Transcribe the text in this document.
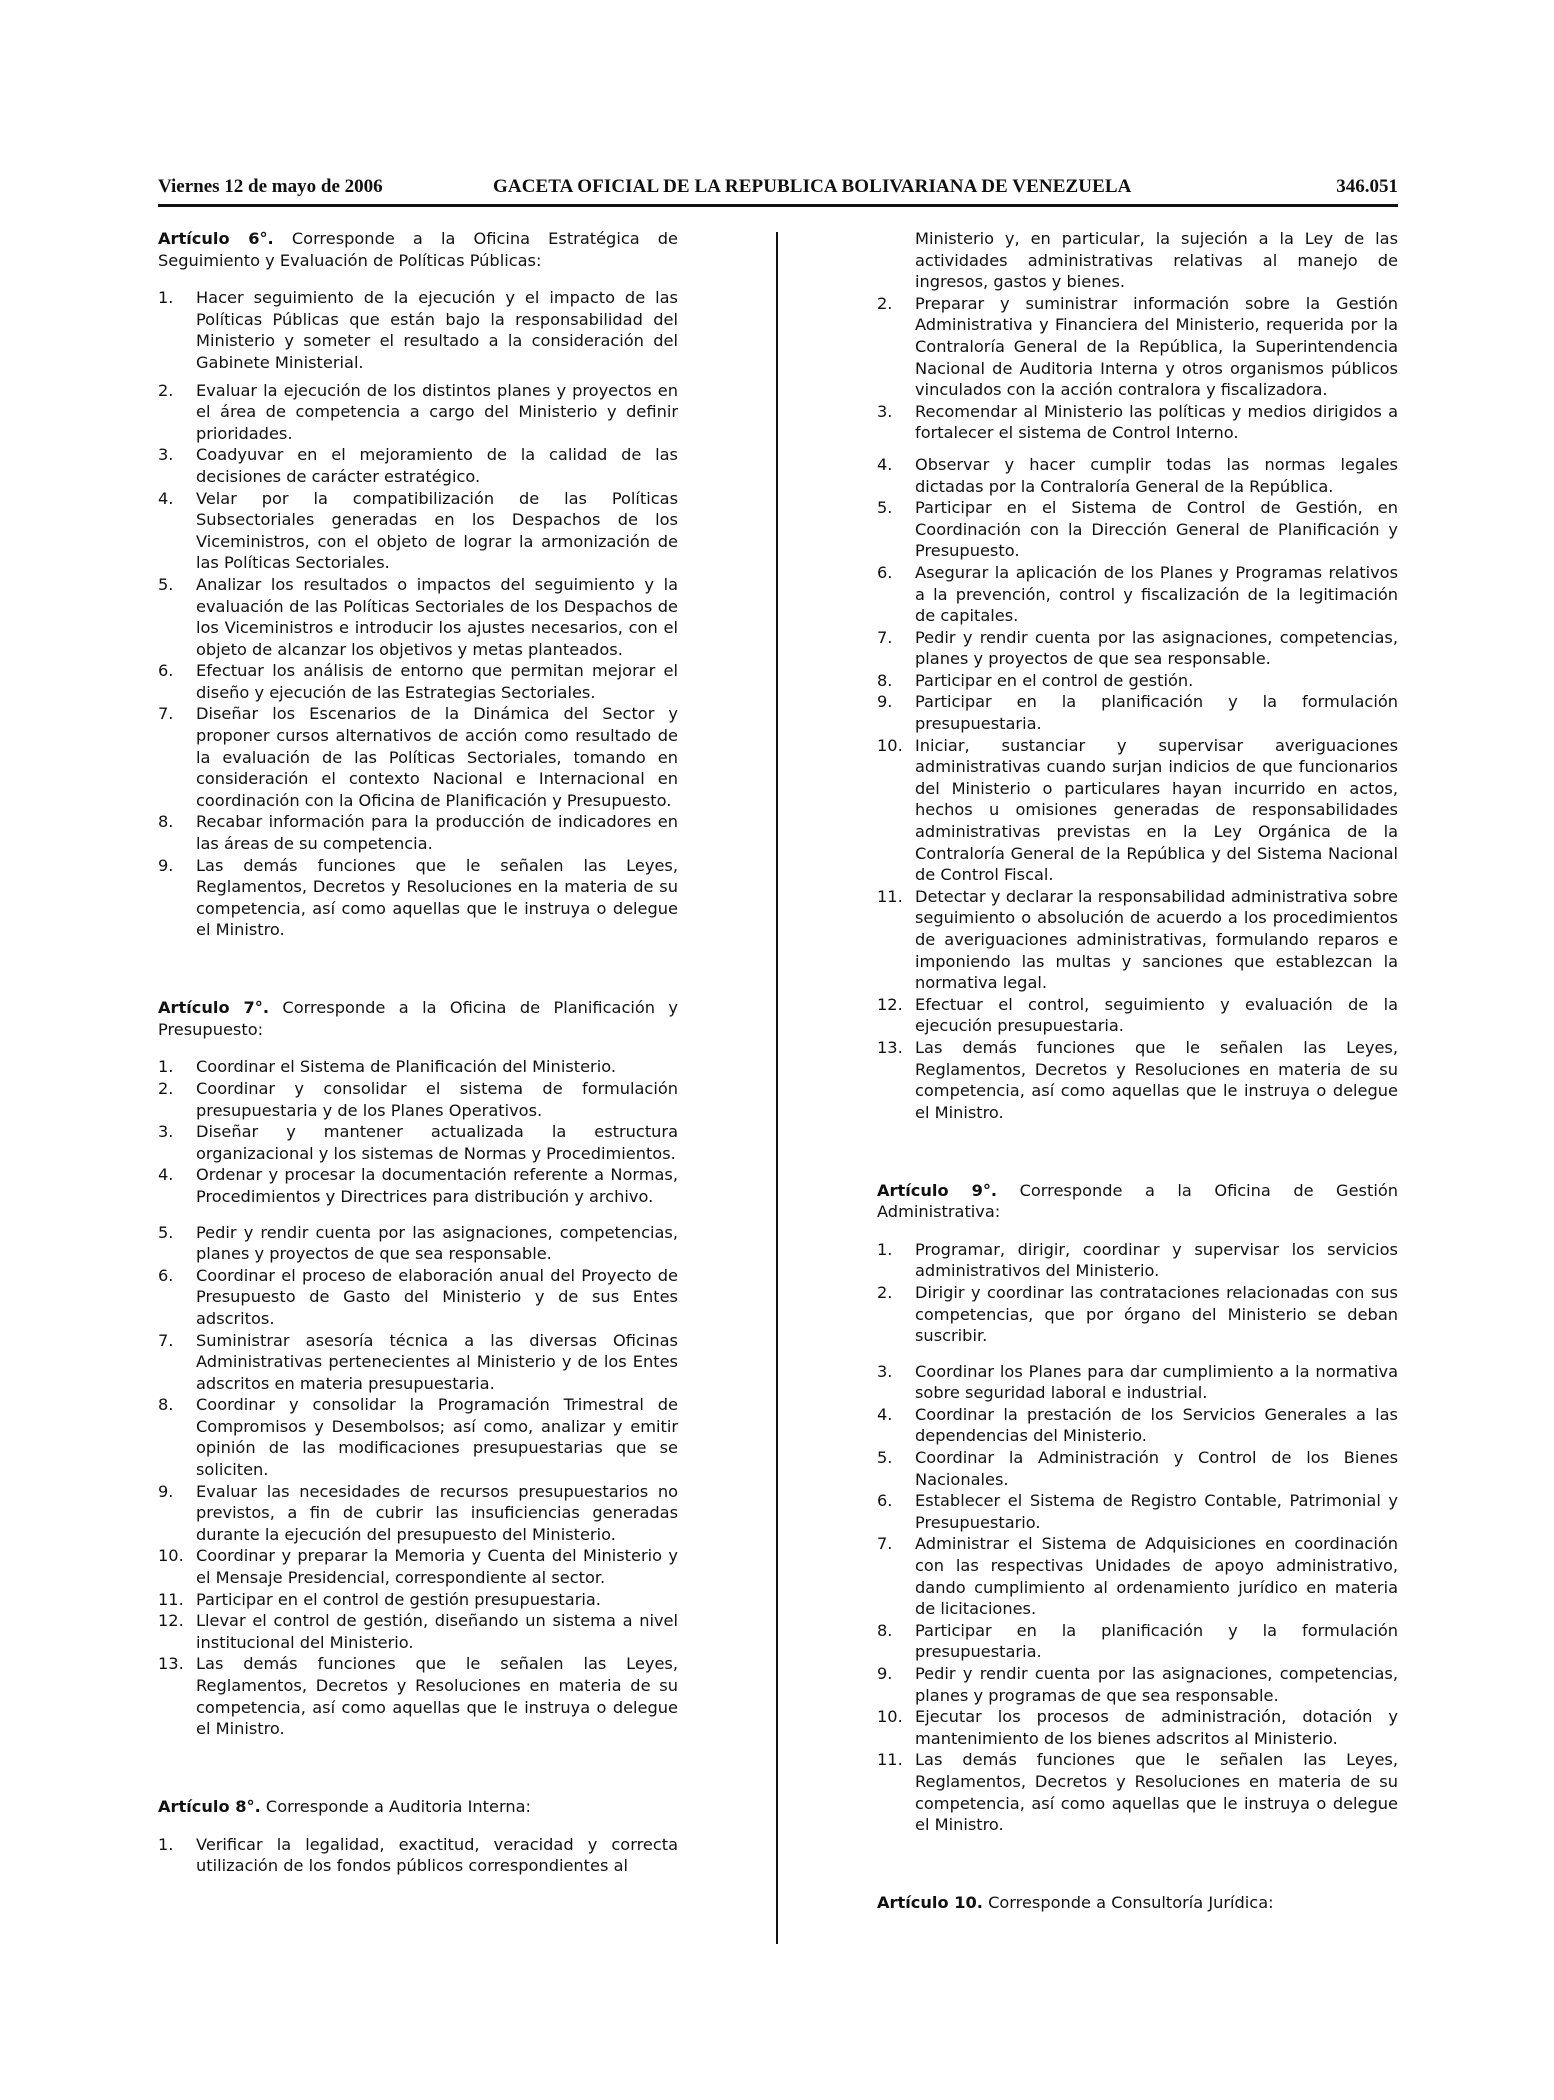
Viernes 12 de mayo de 2006	GACETA OFICIAL DE LA REPUBLICA BOLIVARIANA DE VENEZUELA	346.051

Artículo 6°. Corresponde a la Oficina Estratégica de Seguimiento y Evaluación de Políticas Públicas:

1.	Hacer seguimiento de la ejecución y el impacto de las Políticas Públicas que están bajo la responsabilidad del Ministerio y someter el resultado a la consideración del Gabinete Ministerial.
2.	Evaluar la ejecución de los distintos planes y proyectos en el área de competencia a cargo del Ministerio y definir prioridades.
3.	Coadyuvar en el mejoramiento de la calidad de las decisiones de carácter estratégico.
4.	Velar por la compatibilización de las Políticas Subsectoriales generadas en los Despachos de los Viceministros, con el objeto de lograr la armonización de las Políticas Sectoriales.
5.	Analizar los resultados o impactos del seguimiento y la evaluación de las Políticas Sectoriales de los Despachos de los Viceministros e introducir los ajustes necesarios, con el objeto de alcanzar los objetivos y metas planteados.
6.	Efectuar los análisis de entorno que permitan mejorar el diseño y ejecución de las Estrategias Sectoriales.
7.	Diseñar los Escenarios de la Dinámica del Sector y proponer cursos alternativos de acción como resultado de la evaluación de las Políticas Sectoriales, tomando en consideración el contexto Nacional e Internacional en coordinación con la Oficina de Planificación y Presupuesto.
8.	Recabar información para la producción de indicadores en las áreas de su competencia.
9.	Las demás funciones que le señalen las Leyes, Reglamentos, Decretos y Resoluciones en la materia de su competencia, así como aquellas que le instruya o delegue el Ministro.

Artículo 7°. Corresponde a la Oficina de Planificación y Presupuesto:

1.	Coordinar el Sistema de Planificación del Ministerio.
2.	Coordinar y consolidar el sistema de formulación presupuestaria y de los Planes Operativos.
3.	Diseñar y mantener actualizada la estructura organizacional y los sistemas de Normas y Procedimientos.
4.	Ordenar y procesar la documentación referente a Normas, Procedimientos y Directrices para distribución y archivo.
5.	Pedir y rendir cuenta por las asignaciones, competencias, planes y proyectos de que sea responsable.
6.	Coordinar el proceso de elaboración anual del Proyecto de Presupuesto de Gasto del Ministerio y de sus Entes adscritos.
7.	Suministrar asesoría técnica a las diversas Oficinas Administrativas pertenecientes al Ministerio y de los Entes adscritos en materia presupuestaria.
8.	Coordinar y consolidar la Programación Trimestral de Compromisos y Desembolsos; así como, analizar y emitir opinión de las modificaciones presupuestarias que se soliciten.
9.	Evaluar las necesidades de recursos presupuestarios no previstos, a fin de cubrir las insuficiencias generadas durante la ejecución del presupuesto del Ministerio.
10. Coordinar y preparar la Memoria y Cuenta del Ministerio y el Mensaje Presidencial, correspondiente al sector.
11. Participar en el control de gestión presupuestaria.
12. Llevar el control de gestión, diseñando un sistema a nivel institucional del Ministerio.
13. Las demás funciones que le señalen las Leyes, Reglamentos, Decretos y Resoluciones en materia de su competencia, así como aquellas que le instruya o delegue el Ministro.

Artículo 8°. Corresponde a Auditoria Interna:

1.	Verificar la legalidad, exactitud, veracidad y correcta utilización de los fondos públicos correspondientes al
Ministerio y, en particular, la sujeción a la Ley de las actividades administrativas relativas al manejo de ingresos, gastos y bienes.
2.	Preparar y suministrar información sobre la Gestión Administrativa y Financiera del Ministerio, requerida por la Contraloría General de la República, la Superintendencia Nacional de Auditoria Interna y otros organismos públicos vinculados con la acción contralora y fiscalizadora.
3.	Recomendar al Ministerio las políticas y medios dirigidos a fortalecer el sistema de Control Interno.
4.	Observar y hacer cumplir todas las normas legales dictadas por la Contraloría General de la República.
5.	Participar en el Sistema de Control de Gestión, en Coordinación con la Dirección General de Planificación y Presupuesto.
6.	Asegurar la aplicación de los Planes y Programas relativos a la prevención, control y fiscalización de la legitimación de capitales.
7.	Pedir y rendir cuenta por las asignaciones, competencias, planes y proyectos de que sea responsable.
8.	Participar en el control de gestión.
9.	Participar en la planificación y la formulación presupuestaria.
10. Iniciar, sustanciar y supervisar averiguaciones administrativas cuando surjan indicios de que funcionarios del Ministerio o particulares hayan incurrido en actos, hechos u omisiones generadas de responsabilidades administrativas previstas en la Ley Orgánica de la Contraloría General de la República y del Sistema Nacional de Control Fiscal.
11. Detectar y declarar la responsabilidad administrativa sobre seguimiento o absolución de acuerdo a los procedimientos de averiguaciones administrativas, formulando reparos e imponiendo las multas y sanciones que establezcan la normativa legal.
12. Efectuar el control, seguimiento y evaluación de la ejecución presupuestaria.
13. Las demás funciones que le señalen las Leyes, Reglamentos, Decretos y Resoluciones en materia de su competencia, así como aquellas que le instruya o delegue el Ministro.

Artículo 9°. Corresponde a la Oficina de Gestión Administrativa:

1.	Programar, dirigir, coordinar y supervisar los servicios administrativos del Ministerio.
2.	Dirigir y coordinar las contrataciones relacionadas con sus competencias, que por órgano del Ministerio se deban suscribir.
3.	Coordinar los Planes para dar cumplimiento a la normativa sobre seguridad laboral e industrial.
4.	Coordinar la prestación de los Servicios Generales a las dependencias del Ministerio.
5.	Coordinar la Administración y Control de los Bienes Nacionales.
6.	Establecer el Sistema de Registro Contable, Patrimonial y Presupuestario.
7.	Administrar el Sistema de Adquisiciones en coordinación con las respectivas Unidades de apoyo administrativo, dando cumplimiento al ordenamiento jurídico en materia de licitaciones.
8.	Participar en la planificación y la formulación presupuestaria.
9.	Pedir y rendir cuenta por las asignaciones, competencias, planes y programas de que sea responsable.
10. Ejecutar los procesos de administración, dotación y mantenimiento de los bienes adscritos al Ministerio.
11. Las demás funciones que le señalen las Leyes, Reglamentos, Decretos y Resoluciones en materia de su competencia, así como aquellas que le instruya o delegue el Ministro.

Artículo 10. Corresponde a Consultoría Jurídica:
